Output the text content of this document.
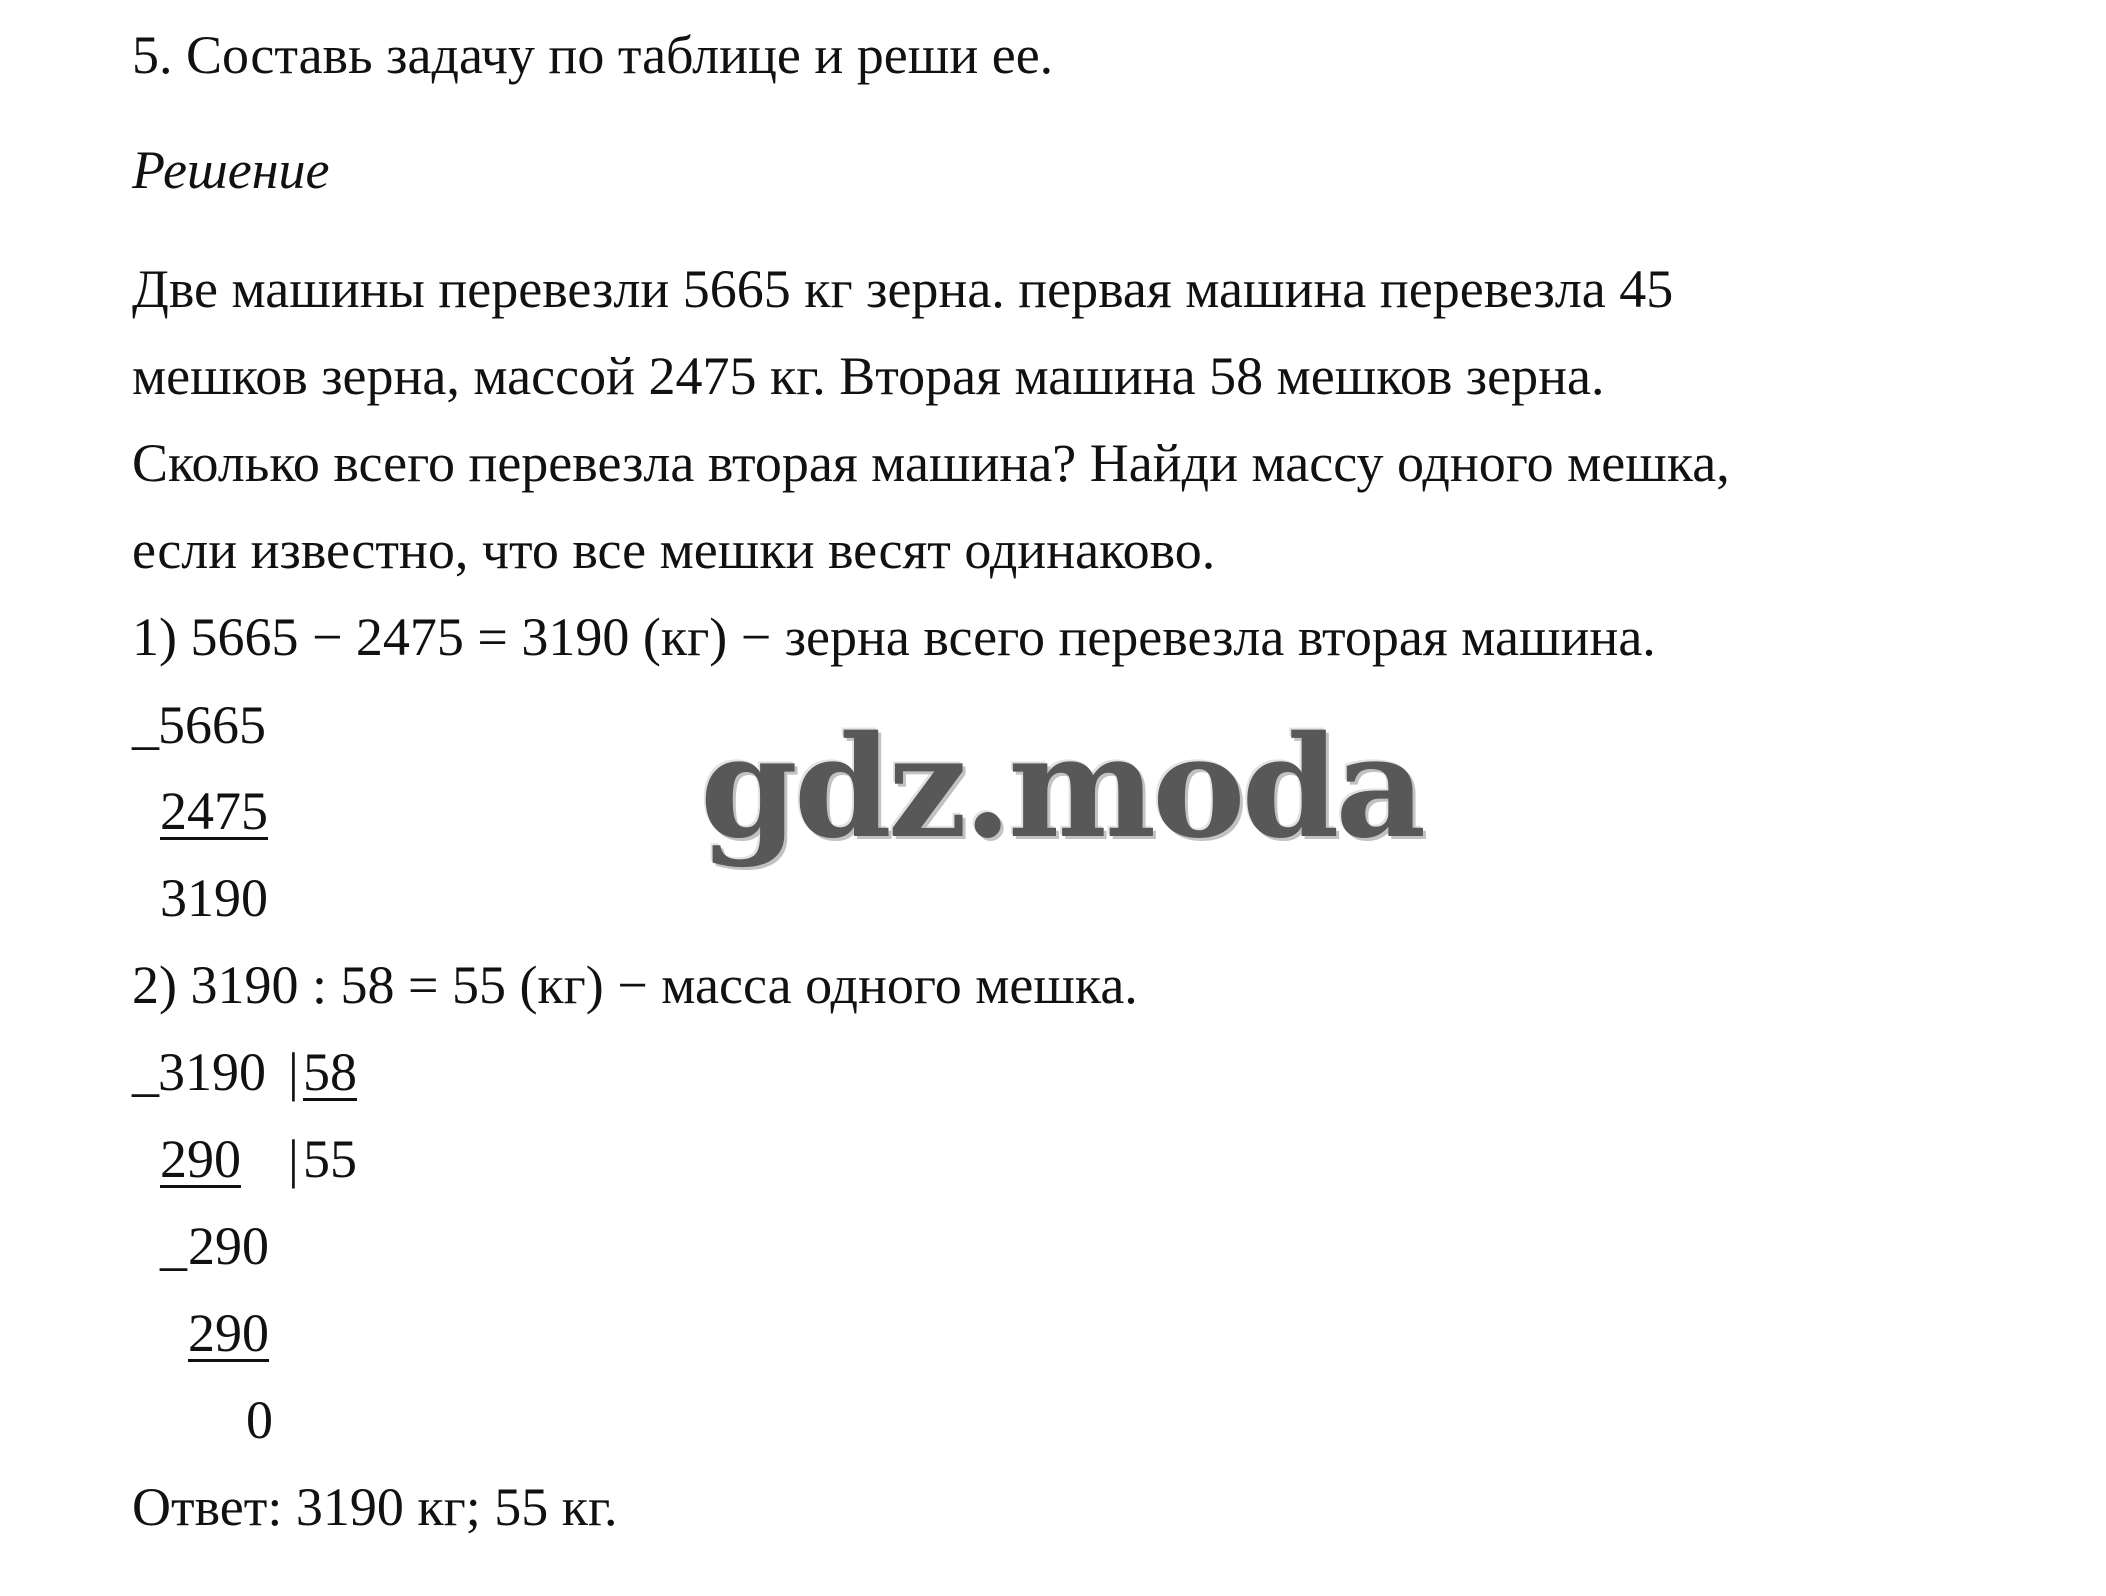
5. Составь задачу по таблице и реши ее.
Решение
Две машины перевезли 5665 кг зерна. первая машина перевезла 45
мешков зерна, массой 2475 кг. Вторая машина 58 мешков зерна.
Сколько всего перевезла вторая машина? Найди массу одного мешка,
если известно, что все мешки весят одинаково.
1) 5665 − 2475 = 3190 (кг) − зерна всего перевезла вторая машина.
_ 5665
2475
3190
2) 3190 : 58 = 55 (кг) − масса одного мешка.
_ 3190 | 58
290 | 55
_ 290
290
0
Ответ: 3190 кг; 55 кг.
gdz.moda
